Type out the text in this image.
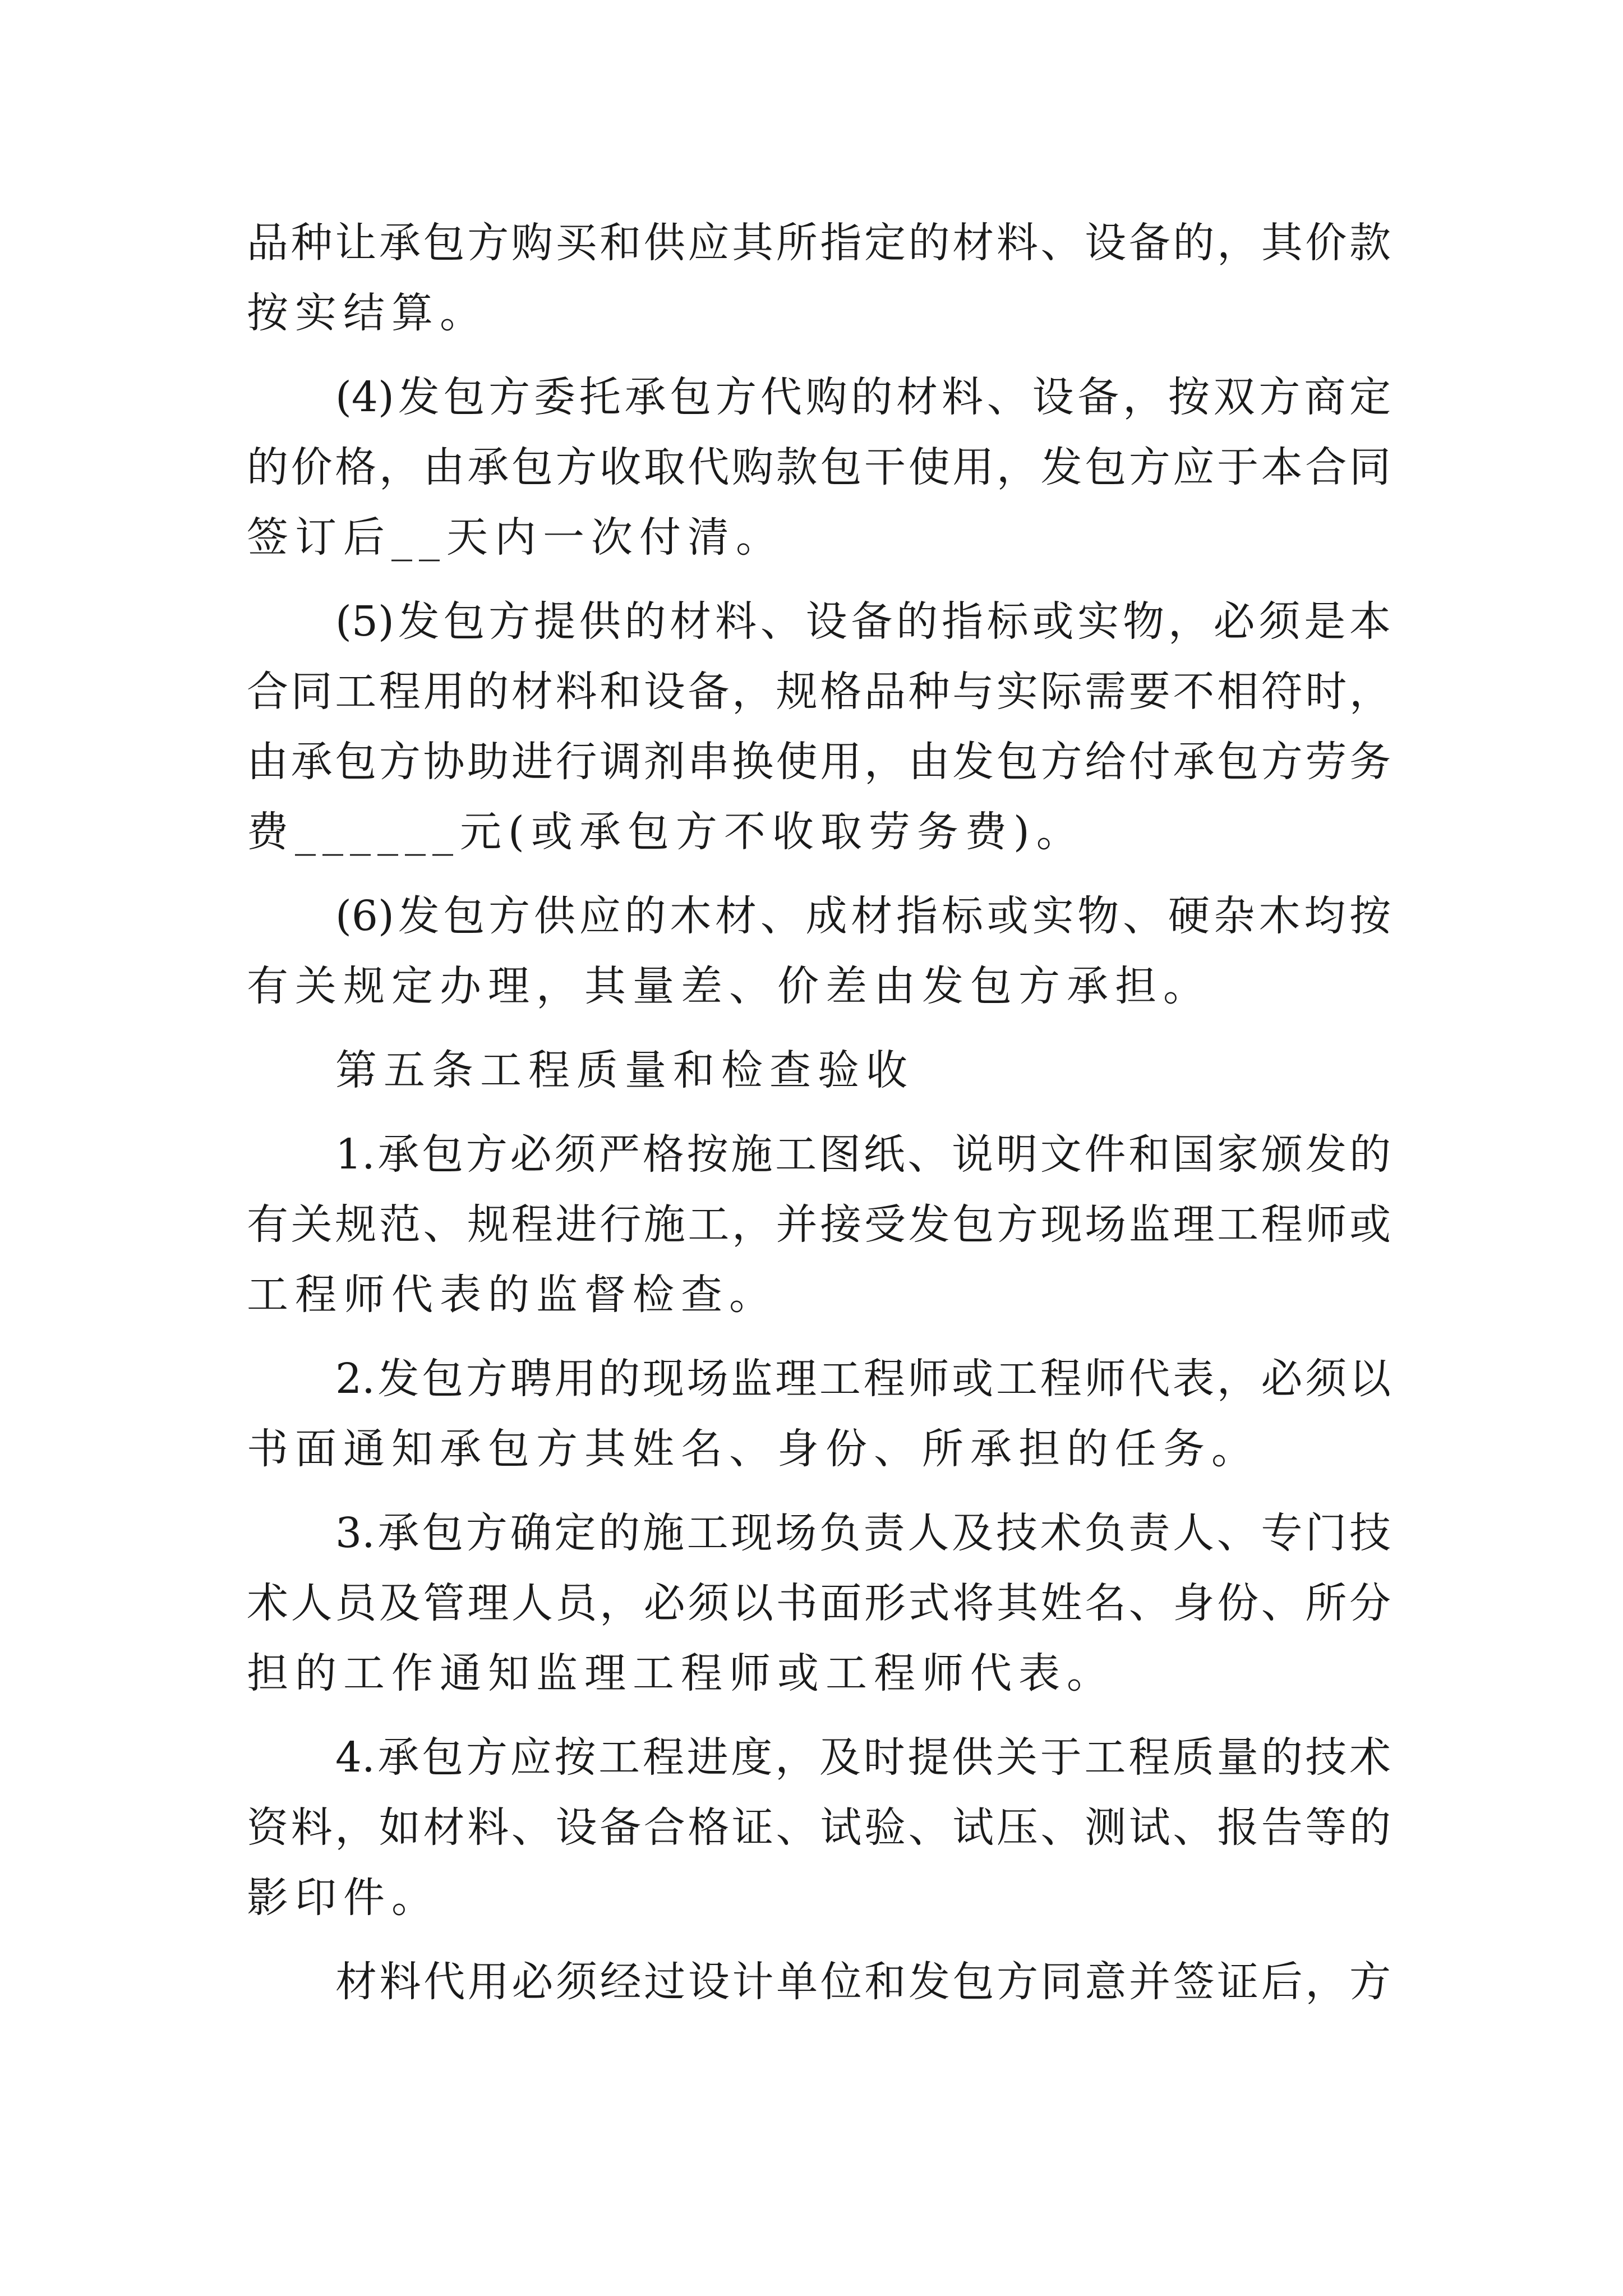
品种让承包方购买和供应其所指定的材料、设备的，其价款

按实结算。

(4)发包方委托承包方代购的材料、设备，按双方商定

的价格，由承包方收取代购款包干使用，发包方应于本合同

签订后__天内一次付清。

(5)发包方提供的材料、设备的指标或实物，必须是本

合同工程用的材料和设备，规格品种与实际需要不相符时，

由承包方协助进行调剂串换使用，由发包方给付承包方劳务

费______元(或承包方不收取劳务费)。

(6)发包方供应的木材、成材指标或实物、硬杂木均按

有关规定办理，其量差、价差由发包方承担。

第五条工程质量和检查验收

1.承包方必须严格按施工图纸、说明文件和国家颁发的

有关规范、规程进行施工，并接受发包方现场监理工程师或

工程师代表的监督检查。

2.发包方聘用的现场监理工程师或工程师代表，必须以

书面通知承包方其姓名、身份、所承担的任务。

3.承包方确定的施工现场负责人及技术负责人、专门技

术人员及管理人员，必须以书面形式将其姓名、身份、所分

担的工作通知监理工程师或工程师代表。

4.承包方应按工程进度，及时提供关于工程质量的技术

资料，如材料、设备合格证、试验、试压、测试、报告等的

影印件。

材料代用必须经过设计单位和发包方同意并签证后，方
